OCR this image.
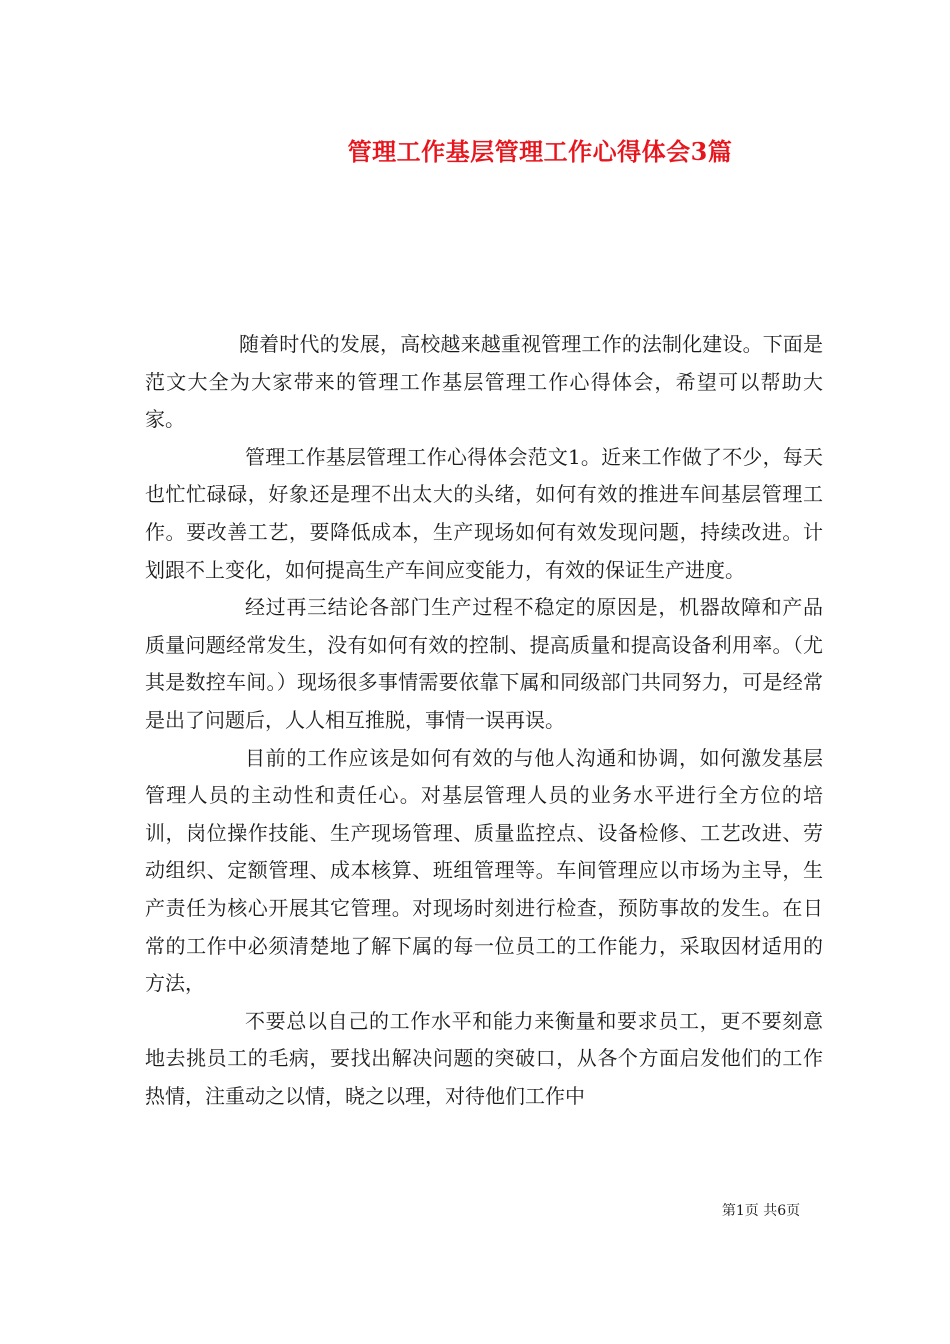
管理工作基层管理工作心得体会3篇

随着时代的发展，高校越来越重视管理工作的法制化建设。下面是范文大全为大家带来的管理工作基层管理工作心得体会，希望可以帮助大家。

管理工作基层管理工作心得体会范文1。近来工作做了不少，每天也忙忙碌碌，好象还是理不出太大的头绪，如何有效的推进车间基层管理工作。要改善工艺，要降低成本，生产现场如何有效发现问题，持续改进。计划跟不上变化，如何提高生产车间应变能力，有效的保证生产进度。

经过再三结论各部门生产过程不稳定的原因是，机器故障和产品质量问题经常发生，没有如何有效的控制、提高质量和提高设备利用率。（尤其是数控车间。）现场很多事情需要依靠下属和同级部门共同努力，可是经常是出了问题后，人人相互推脱，事情一误再误。

目前的工作应该是如何有效的与他人沟通和协调，如何激发基层管理人员的主动性和责任心。对基层管理人员的业务水平进行全方位的培训，岗位操作技能、生产现场管理、质量监控点、设备检修、工艺改进、劳动组织、定额管理、成本核算、班组管理等。车间管理应以市场为主导，生产责任为核心开展其它管理。对现场时刻进行检查，预防事故的发生。在日常的工作中必须清楚地了解下属的每一位员工的工作能力，采取因材适用的方法，

不要总以自己的工作水平和能力来衡量和要求员工，更不要刻意地去挑员工的毛病，要找出解决问题的突破口，从各个方面启发他们的工作热情，注重动之以情，晓之以理，对待他们工作中

第1页 共6页
